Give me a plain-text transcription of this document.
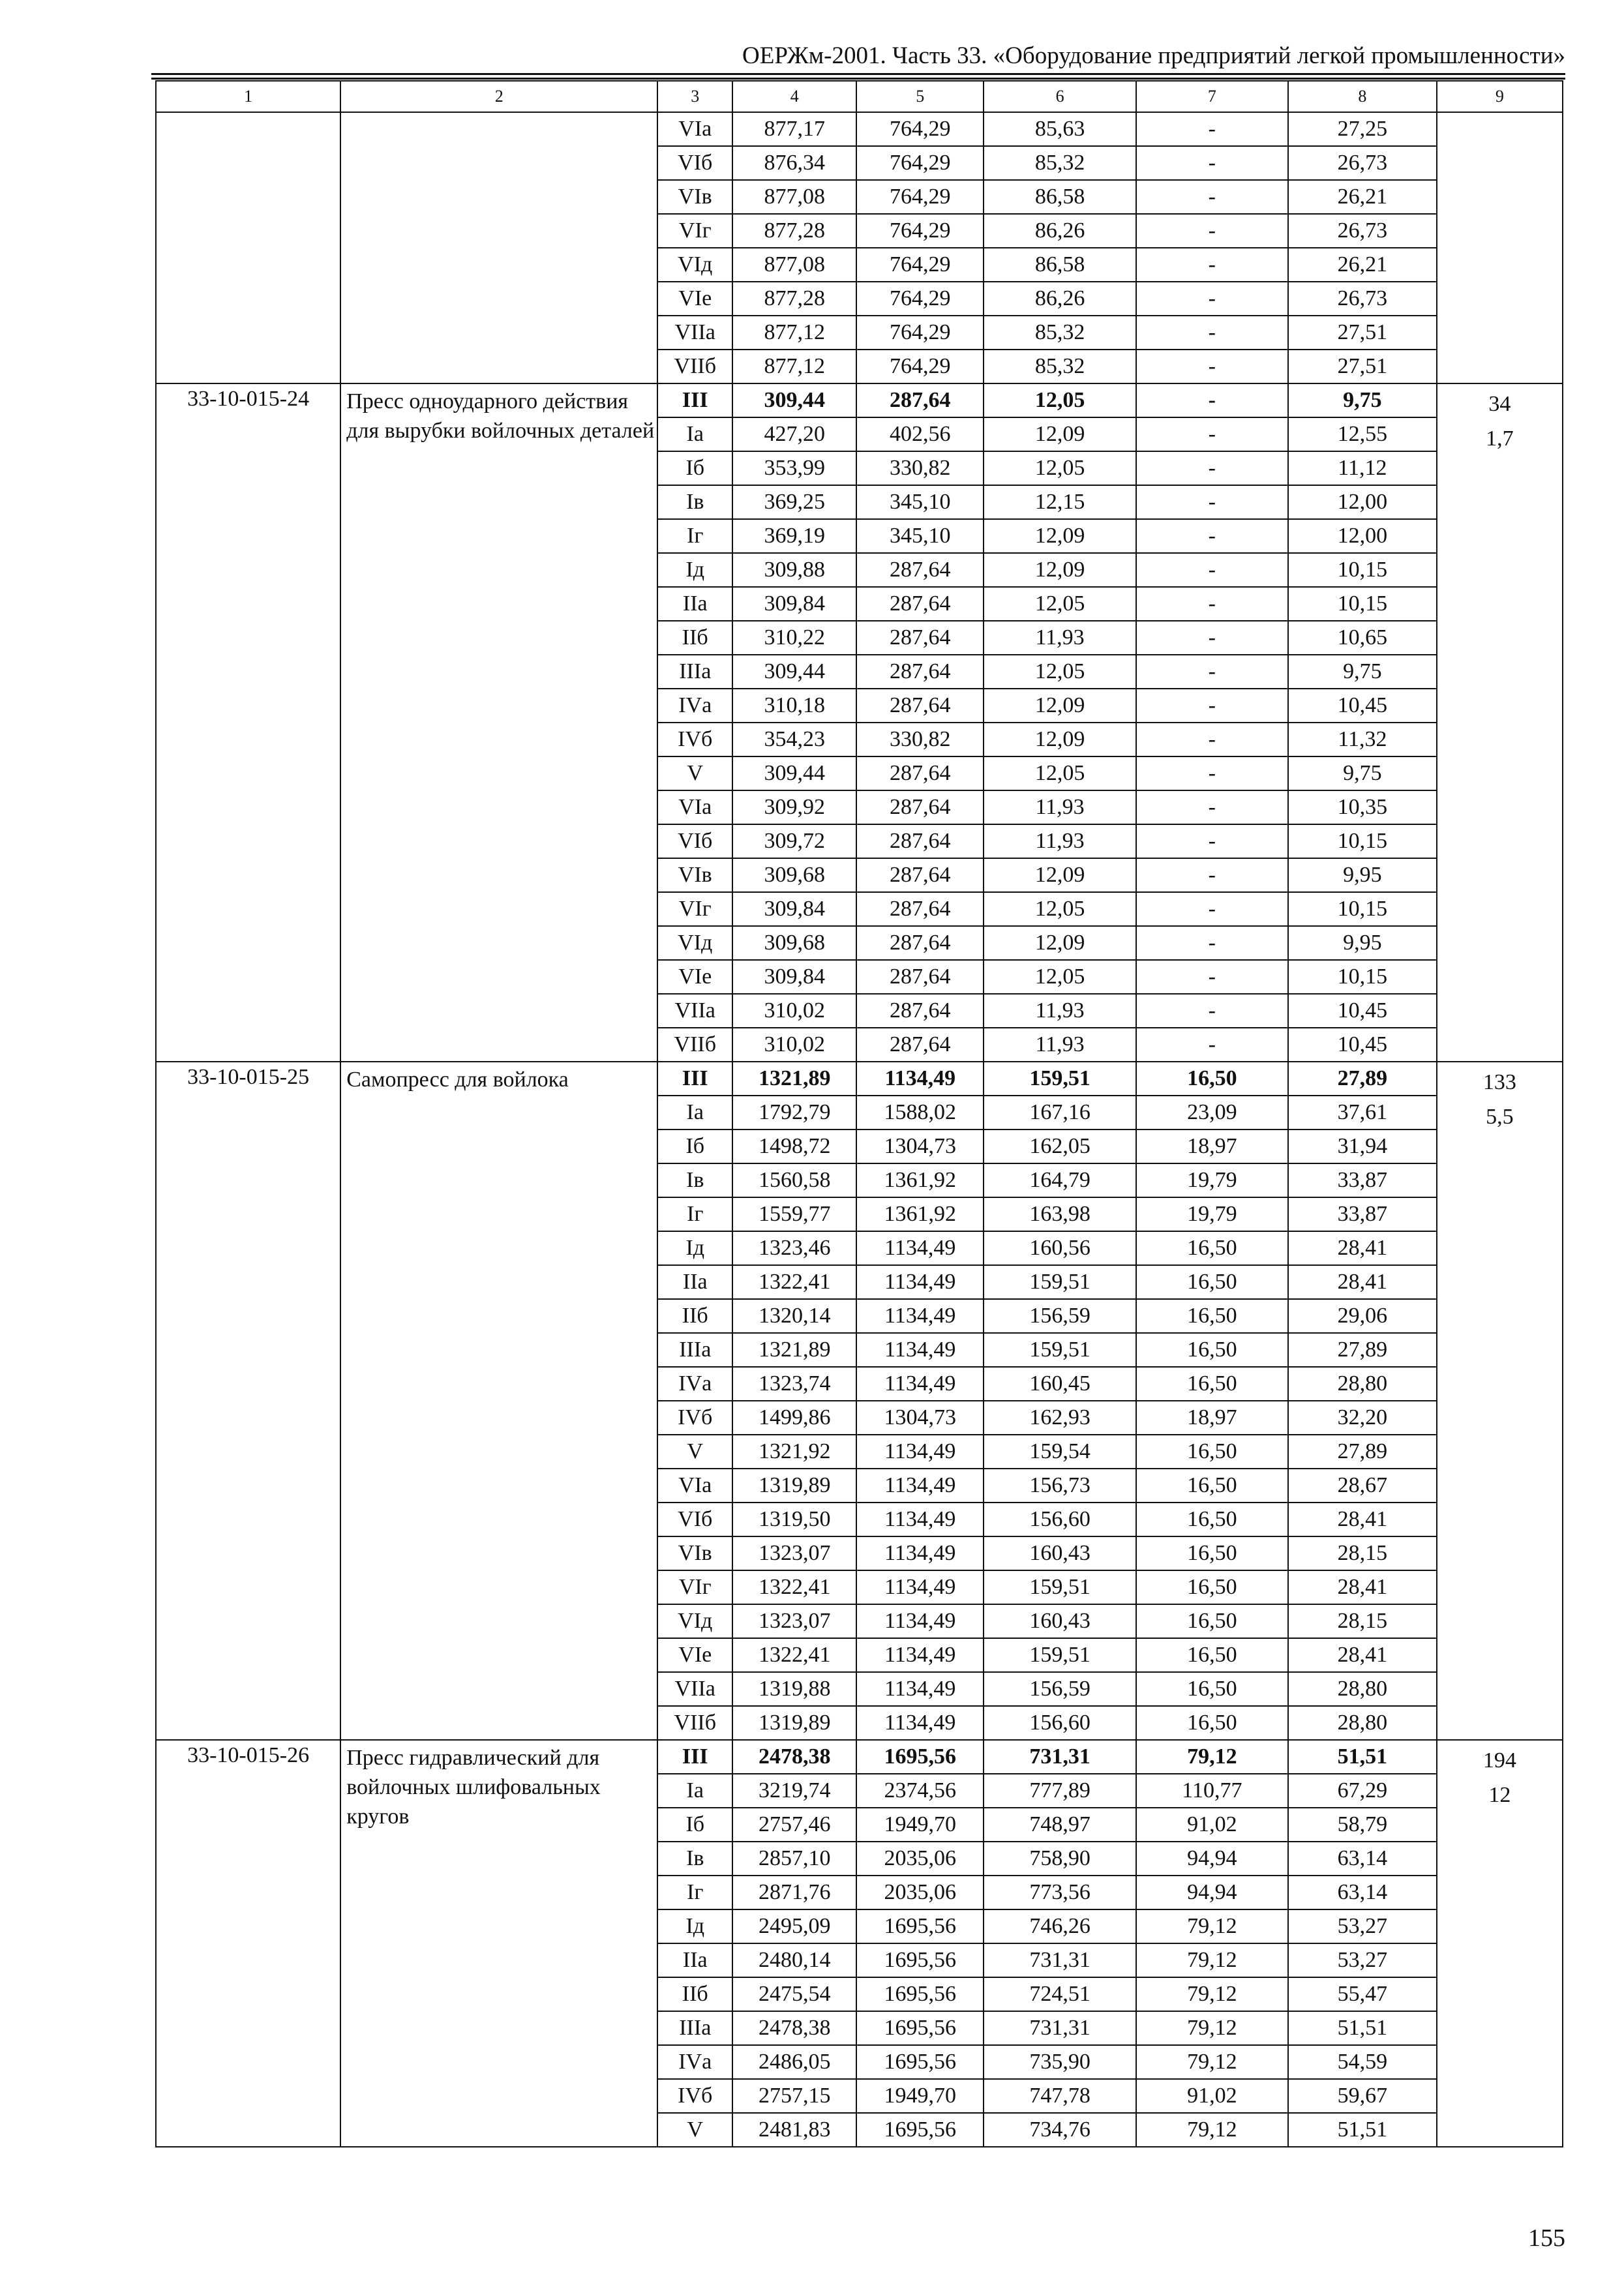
ОЕРЖм-2001. Часть 33. «Оборудование предприятий легкой промышленности»
1	2	3	4	5	6	7	8	9
		VIа	877,17	764,29	85,63	-	27,25	
		VIб	876,34	764,29	85,32	-	26,73	
		VIв	877,08	764,29	86,58	-	26,21	
		VIг	877,28	764,29	86,26	-	26,73	
		VIд	877,08	764,29	86,58	-	26,21	
		VIе	877,28	764,29	86,26	-	26,73	
		VIIа	877,12	764,29	85,32	-	27,51	
		VIIб	877,12	764,29	85,32	-	27,51	
33-10-015-24	Пресс одноударного действия для вырубки войлочных деталей	III	309,44	287,64	12,05	-	9,75	34
1,7

		Iа	427,20	402,56	12,09	-	12,55	
		Iб	353,99	330,82	12,05	-	11,12	
		Iв	369,25	345,10	12,15	-	12,00	
		Iг	369,19	345,10	12,09	-	12,00	
		Iд	309,88	287,64	12,09	-	10,15	
		IIа	309,84	287,64	12,05	-	10,15	
		IIб	310,22	287,64	11,93	-	10,65	
		IIIа	309,44	287,64	12,05	-	9,75	
		IVа	310,18	287,64	12,09	-	10,45	
		IVб	354,23	330,82	12,09	-	11,32	
		V	309,44	287,64	12,05	-	9,75	
		VIа	309,92	287,64	11,93	-	10,35	
		VIб	309,72	287,64	11,93	-	10,15	
		VIв	309,68	287,64	12,09	-	9,95	
		VIг	309,84	287,64	12,05	-	10,15	
		VIд	309,68	287,64	12,09	-	9,95	
		VIе	309,84	287,64	12,05	-	10,15	
		VIIа	310,02	287,64	11,93	-	10,45	
		VIIб	310,02	287,64	11,93	-	10,45	
33-10-015-25	Самопресс для войлока	III	1321,89	1134,49	159,51	16,50	27,89	133
5,5

		Iа	1792,79	1588,02	167,16	23,09	37,61	
		Iб	1498,72	1304,73	162,05	18,97	31,94	
		Iв	1560,58	1361,92	164,79	19,79	33,87	
		Iг	1559,77	1361,92	163,98	19,79	33,87	
		Iд	1323,46	1134,49	160,56	16,50	28,41	
		IIа	1322,41	1134,49	159,51	16,50	28,41	
		IIб	1320,14	1134,49	156,59	16,50	29,06	
		IIIа	1321,89	1134,49	159,51	16,50	27,89	
		IVа	1323,74	1134,49	160,45	16,50	28,80	
		IVб	1499,86	1304,73	162,93	18,97	32,20	
		V	1321,92	1134,49	159,54	16,50	27,89	
		VIа	1319,89	1134,49	156,73	16,50	28,67	
		VIб	1319,50	1134,49	156,60	16,50	28,41	
		VIв	1323,07	1134,49	160,43	16,50	28,15	
		VIг	1322,41	1134,49	159,51	16,50	28,41	
		VIд	1323,07	1134,49	160,43	16,50	28,15	
		VIе	1322,41	1134,49	159,51	16,50	28,41	
		VIIа	1319,88	1134,49	156,59	16,50	28,80	
		VIIб	1319,89	1134,49	156,60	16,50	28,80	
33-10-015-26	Пресс гидравлический для войлочных шлифовальных кругов	III	2478,38	1695,56	731,31	79,12	51,51	194
12

		Iа	3219,74	2374,56	777,89	110,77	67,29	
		Iб	2757,46	1949,70	748,97	91,02	58,79	
		Iв	2857,10	2035,06	758,90	94,94	63,14	
		Iг	2871,76	2035,06	773,56	94,94	63,14	
		Iд	2495,09	1695,56	746,26	79,12	53,27	
		IIа	2480,14	1695,56	731,31	79,12	53,27	
		IIб	2475,54	1695,56	724,51	79,12	55,47	
		IIIа	2478,38	1695,56	731,31	79,12	51,51	
		IVа	2486,05	1695,56	735,90	79,12	54,59	
		IVб	2757,15	1949,70	747,78	91,02	59,67	
		V	2481,83	1695,56	734,76	79,12	51,51	
155
